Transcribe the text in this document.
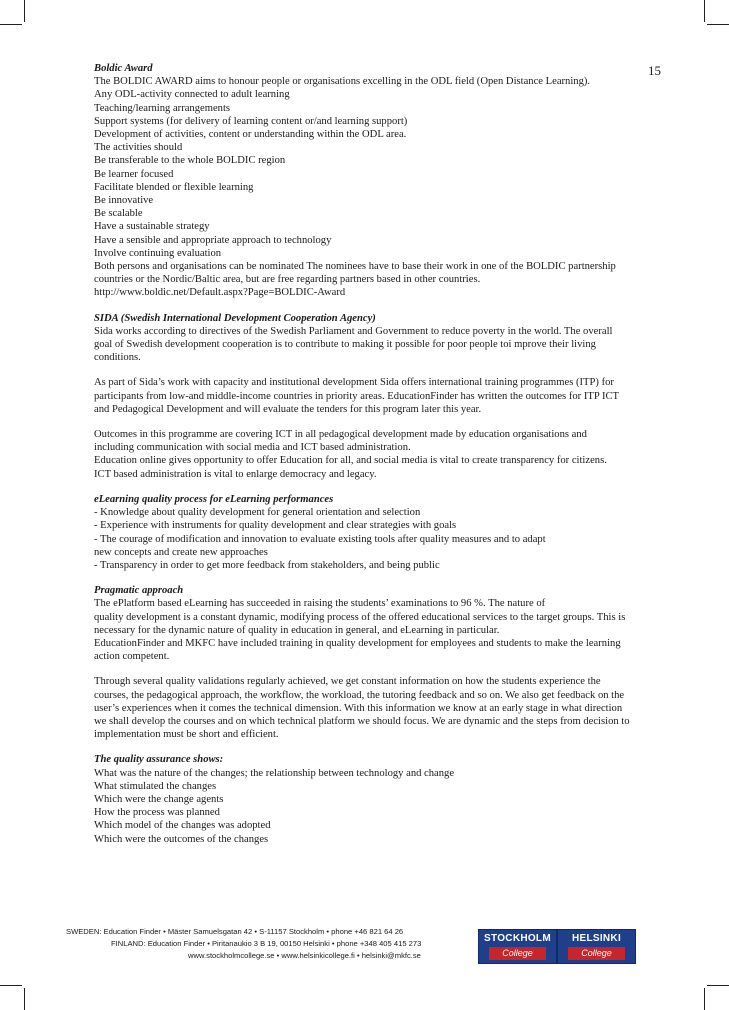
15
Boldic Award
The BOLDIC AWARD aims to honour people or organisations excelling in the ODL field (Open Distance Learning).
Any ODL-activity connected to adult learning
Teaching/learning arrangements
Support systems (for delivery of learning content or/and learning support)
Development of activities, content or understanding within the ODL area.
The activities should
Be transferable to the whole BOLDIC region
Be learner focused
Facilitate blended or flexible learning
Be innovative
Be scalable
Have a sustainable strategy
Have a sensible and appropriate approach to technology
Involve continuing evaluation
Both persons and organisations can be nominated The nominees have to base their work in one of the BOLDIC partnership
countries or the Nordic/Baltic area, but are free regarding partners based in other countries.
http://www.boldic.net/Default.aspx?Page=BOLDIC-Award
SIDA (Swedish International Development Cooperation Agency)
Sida works according to directives of the Swedish Parliament and Government to reduce poverty in the world. The overall
goal of Swedish development cooperation is to contribute to making it possible for poor people toi mprove their living
conditions.
As part of Sida’s work with capacity and institutional development Sida offers international training programmes (ITP) for
participants from low-and middle-income countries in priority areas. EducationFinder has written the outcomes for ITP ICT
and Pedagogical Development and will evaluate the tenders for this program later this year.
Outcomes in this programme are covering ICT in all pedagogical development made by education organisations and
including communication with social media and ICT based administration.
Education online gives opportunity to offer Education for all, and social media is vital to create transparency for citizens.
ICT based administration is vital to enlarge democracy and legacy.
eLearning quality process for eLearning performances
- Knowledge about quality development for general orientation and selection
- Experience with instruments for quality development and clear strategies with goals
- The courage of modification and innovation to evaluate existing tools after quality measures and to adapt
new concepts and create new approaches
- Transparency in order to get more feedback from stakeholders, and being public
Pragmatic approach
The ePlatform based eLearning has succeeded in raising the students’ examinations to 96 %. The nature of
quality development is a constant dynamic, modifying process of the offered educational services to the target groups. This is
necessary for the dynamic nature of quality in education in general, and eLearning in particular.
EducationFinder and MKFC have included training in quality development for employees and students to make the learning
action competent.
Through several quality validations regularly achieved, we get constant information on how the students experience the
courses, the pedagogical approach, the workflow, the workload, the tutoring feedback and so on. We also get feedback on the
user’s experiences when it comes the technical dimension. With this information we know at an early stage in what direction
we shall develop the courses and on which technical platform we should focus. We are dynamic and the steps from decision to
implementation must be short and efficient.
The quality assurance shows:
What was the nature of the changes; the relationship between technology and change
What stimulated the changes
Which were the change agents
How the process was planned
Which model of the changes was adopted
Which were the outcomes of the changes
SWEDEN: Education Finder • Mäster Samuelsgatan 42 • S-11157 Stockholm • phone +46 821 64 26
FINLAND: Education Finder • Piritanaukio 3 B 19, 00150 Helsinki • phone +348 405 415 273
www.stockholmcollege.se • www.helsinkicollege.fi • helsinki@mkfc.se
STOCKHOLM
College
HELSINKI
College
